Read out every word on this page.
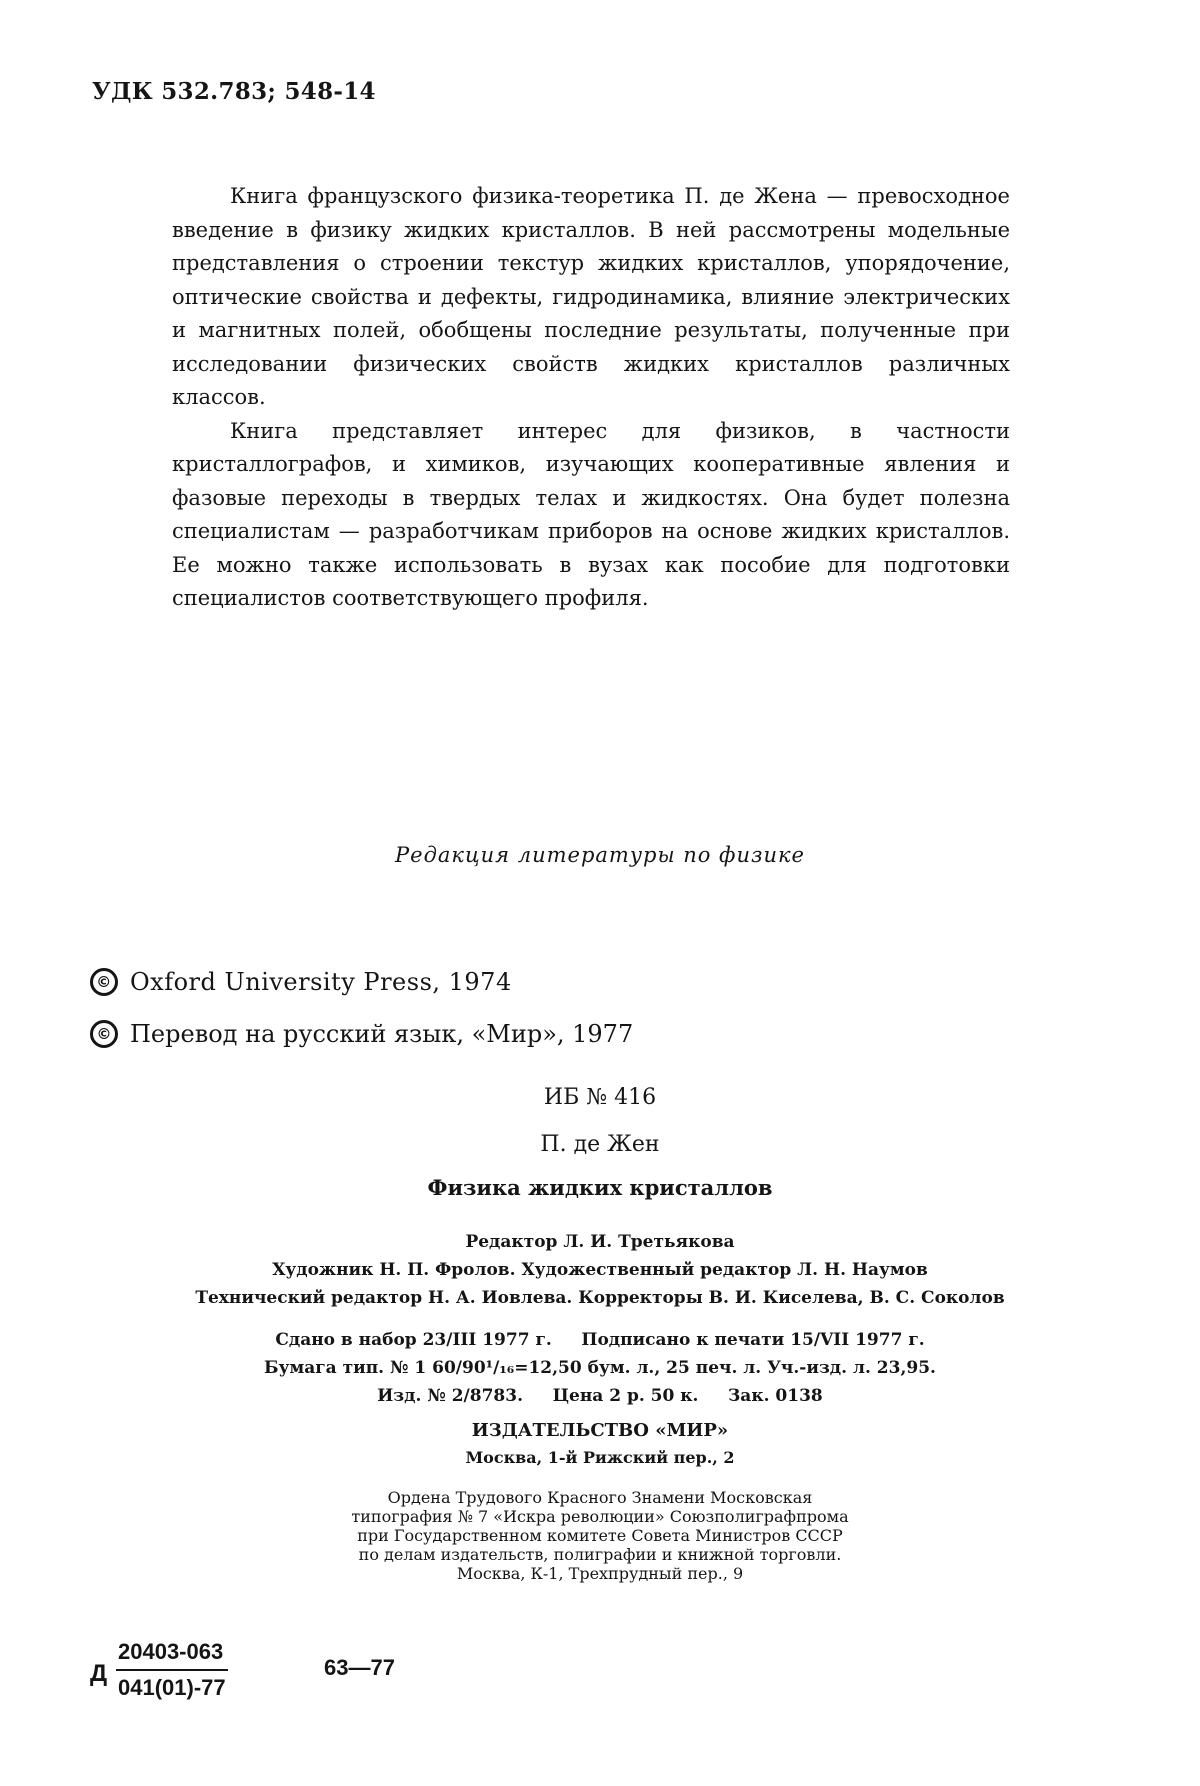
УДК 532.783; 548-14

Книга французского физика-теоретика П. де Жена — превосходное введение в физику жидких кристаллов. В ней рассмотрены модельные представления о строении текстур жидких кристаллов, упорядочение, оптические свойства и дефекты, гидродинамика, влияние электрических и магнитных полей, обобщены последние результаты, полученные при исследовании физических свойств жидких кристаллов различных классов.

Книга представляет интерес для физиков, в частности кристаллографов, и химиков, изучающих кооперативные явления и фазовые переходы в твердых телах и жидкостях. Она будет полезна специалистам — разработчикам приборов на основе жидких кристаллов. Ее можно также использовать в вузах как пособие для подготовки специалистов соответствующего профиля.

Редакция литературы по физике
© Oxford University Press, 1974
© Перевод на русский язык, «Мир», 1977
ИБ № 416
П. де Жен
Физика жидких кристаллов
Редактор Л. И. Третьякова
Художник Н. П. Фролов. Художественный редактор Л. Н. Наумов
Технический редактор Н. А. Иовлева. Корректоры В. И. Киселева, В. С. Соколов
Сдано в набор 23/III 1977 г.     Подписано к печати 15/VII 1977 г.
Бумага тип. № 1 60/90¹/₁₆=12,50 бум. л., 25 печ. л. Уч.-изд. л. 23,95.
Изд. № 2/8783.     Цена 2 р. 50 к.     Зак. 0138
ИЗДАТЕЛЬСТВО «МИР»
Москва, 1-й Рижский пер., 2
Ордена Трудового Красного Знамени Московская
типография № 7 «Искра революции» Союзполиграфпрома
при Государственном комитете Совета Министров СССР
по делам издательств, полиграфии и книжной торговли.
Москва, К-1, Трехпрудный пер., 9
Д $\frac{20403-063}{041(01)-77}$	63—77
